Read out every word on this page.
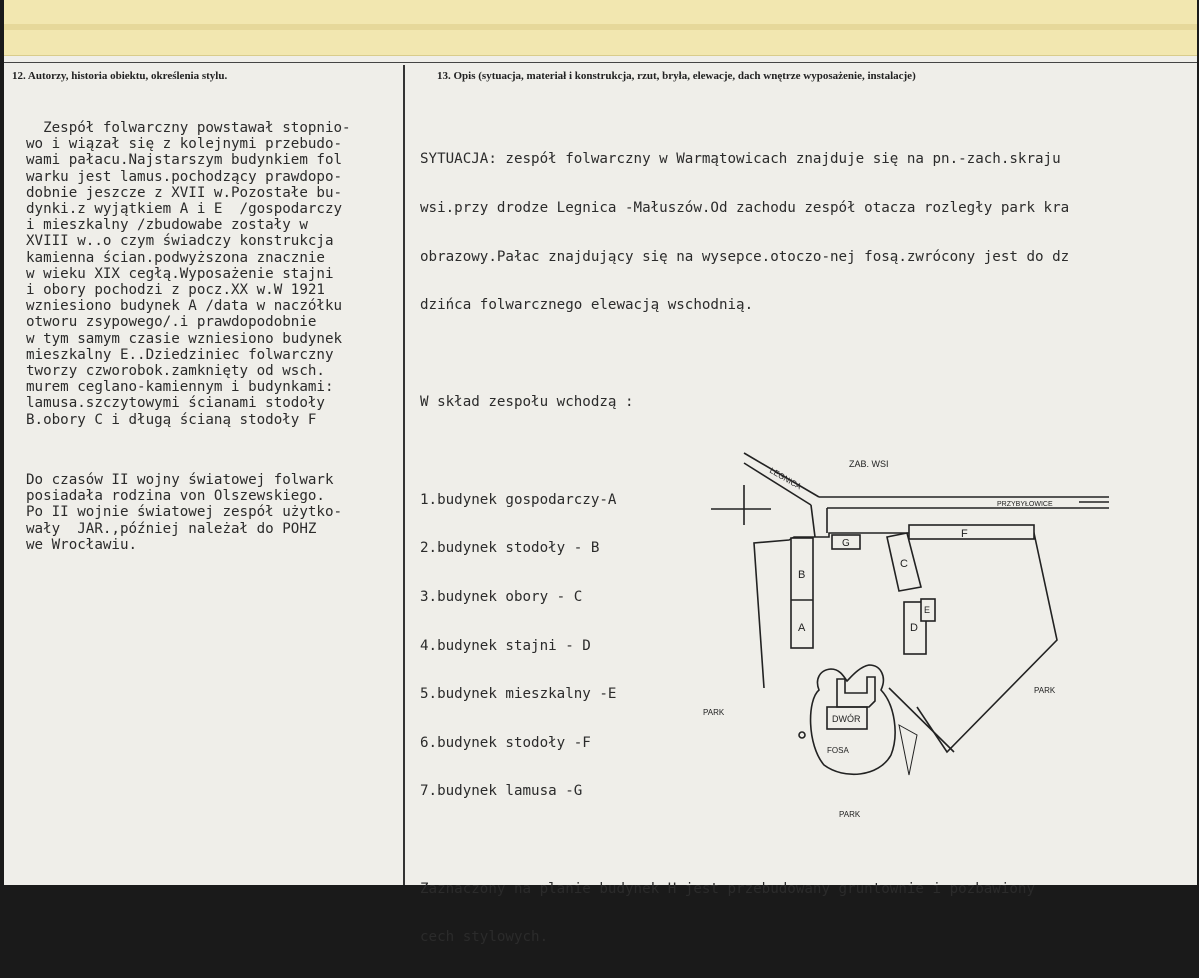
12. Autorzy, historia obiektu, określenia stylu.	13. Opis (sytuacja, materiał i konstrukcja, rzut, bryła, elewacje, dach wnętrze wyposażenie, instalacje)
Zespół folwarczny powstawał stopnio-
wo i wiązał się z kolejnymi przebudo-
wami pałacu.Najstarszym budynkiem fol
warku jest lamus.pochodzący prawdopo-
dobnie jeszcze z XVII w.Pozostałe bu-
dynki.z wyjątkiem A i E  /gospodarczy
i mieszkalny /zbudowabe zostały w
XVIII w..o czym świadczy konstrukcja
kamienna ścian.podwyższona znacznie
w wieku XIX cegłą.Wyposażenie stajni
i obory pochodzi z pocz.XX w.W 1921
wzniesiono budynek A /data w naczółku
otworu zsypowego/.i prawdopodobnie
w tym samym czasie wzniesiono budynek
mieszkalny E..Dziedziniec folwarczny
tworzy czworobok.zamknięty od wsch.
murem ceglano-kamiennym i budynkami:
lamusa.szczytowymi ścianami stodoły
B.obory C i długą ścianą stodoły F
Do czasów II wojny światowej folwark
posiadała rodzina von Olszewskiego.
Po II wojnie światowej zespół użytko-
wały  JAR.,później należał do POHZ
we Wrocławiu.

SYTUACJA: zespół folwarczny w Warmątowicach znajduje się na pn.-zach.skraju

wsi.przy drodze Legnica -Małuszów.Od zachodu zespół otacza rozległy park kra

obrazowy.Pałac znajdujący się na wysepce.otoczo-nej fosą.zwrócony jest do dz

dzińca folwarcznego elewacją wschodnią.

W skład zespołu wchodzą :

1.budynek gospodarczy-A

2.budynek stodoły - B

3.budynek obory - C

4.budynek stajni - D

5.budynek mieszkalny -E

6.budynek stodoły -F

7.budynek lamusa -G

Zaznaczony na planie budynek H jest przebudowany gruntownie i pozbawiony

cech stylowych.

ZAB. WSI
LEGNICA
PRZYBYŁOWICE
PARK
PARK
PARK
DWÓR
FOSA
A
B
C
D
E
F
G
